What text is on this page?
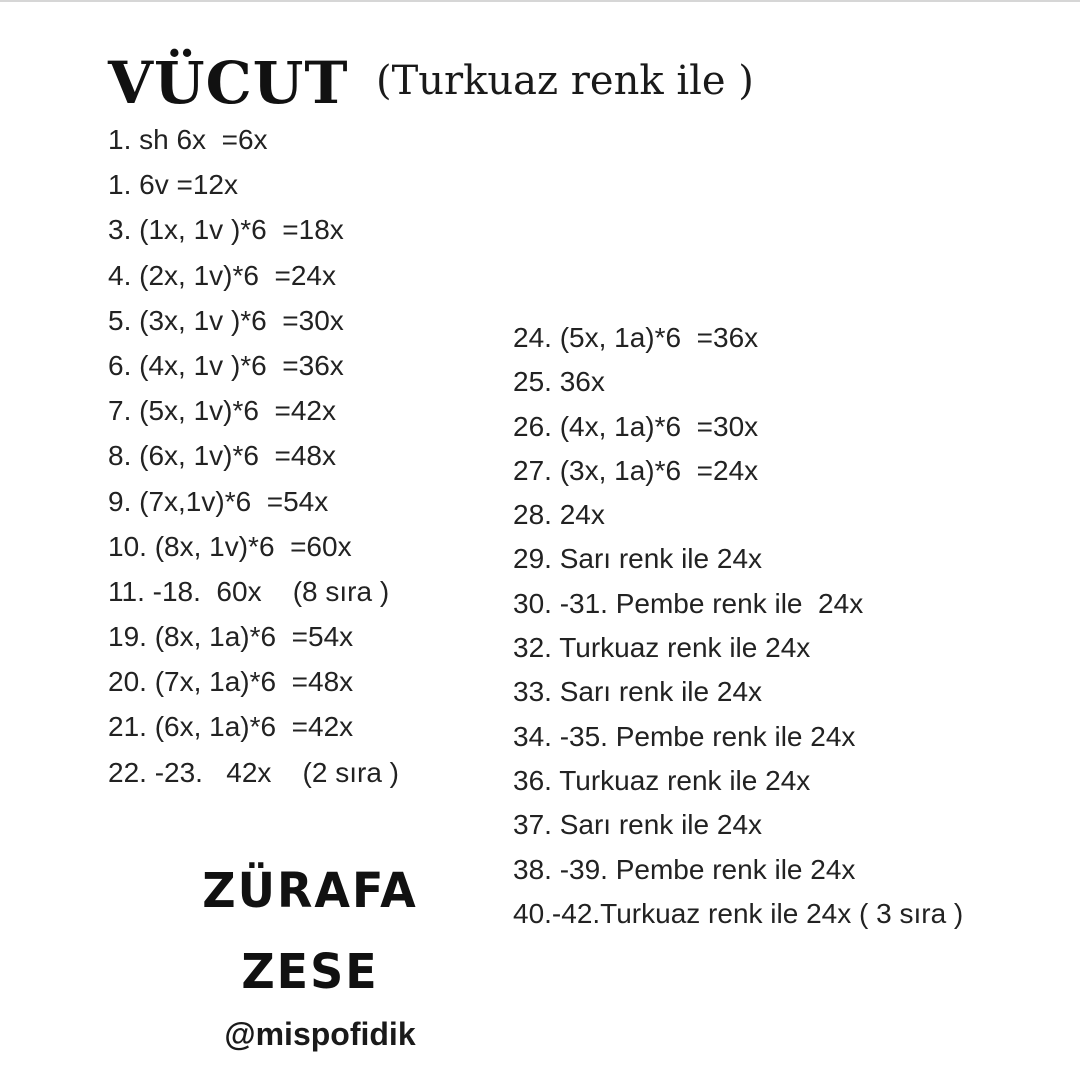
VÜCUT (Turkuaz renk ile )
1. sh 6x  =6x
1. 6v =12x
3. (1x, 1v )*6  =18x
4. (2x, 1v)*6  =24x
5. (3x, 1v )*6  =30x
6. (4x, 1v )*6  =36x
7. (5x, 1v)*6  =42x
8. (6x, 1v)*6  =48x
9. (7x,1v)*6  =54x
10. (8x, 1v)*6  =60x
11. -18.  60x    (8 sıra )
19. (8x, 1a)*6  =54x
20. (7x, 1a)*6  =48x
21. (6x, 1a)*6  =42x
22. -23.   42x    (2 sıra )
24. (5x, 1a)*6  =36x
25. 36x
26. (4x, 1a)*6  =30x
27. (3x, 1a)*6  =24x
28. 24x
29. Sarı renk ile 24x
30. -31. Pembe renk ile  24x
32. Turkuaz renk ile 24x
33. Sarı renk ile 24x
34. -35. Pembe renk ile 24x
36. Turkuaz renk ile 24x
37. Sarı renk ile 24x
38. -39. Pembe renk ile 24x
40.-42.Turkuaz renk ile 24x ( 3 sıra )
ZÜRAFA
ZESE
@mispofidik
